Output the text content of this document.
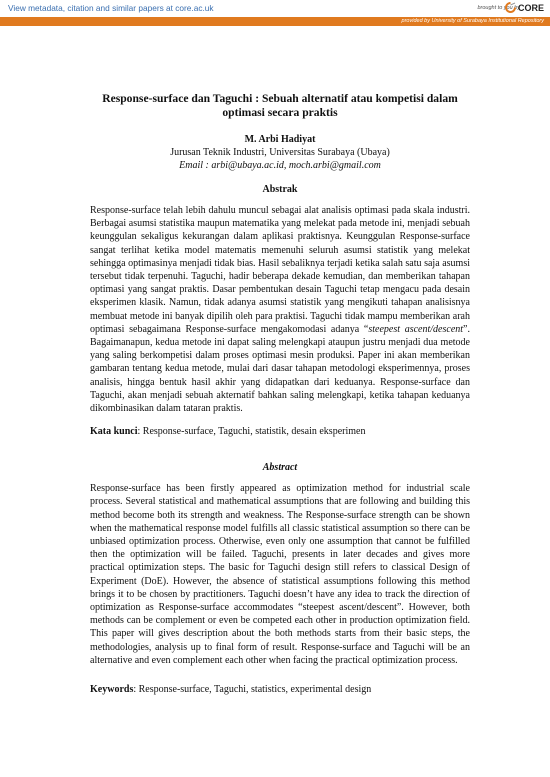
View metadata, citation and similar papers at core.ac.uk	brought to you by
CORE
provided by University of Surabaya Institutional Repository

Response-surface dan Taguchi : Sebuah alternatif atau kompetisi dalam
optimasi secara praktis

M. Arbi Hadiyat
Jurusan Teknik Industri, Universitas Surabaya (Ubaya)
Email : arbi@ubaya.ac.id, moch.arbi@gmail.com
Abstrak
Response-surface telah lebih dahulu muncul sebagai alat analisis optimasi pada skala industri. Berbagai asumsi statistika maupun matematika yang melekat pada metode ini, menjadi sebuah keunggulan sekaligus kekurangan dalam aplikasi praktisnya. Keunggulan Response-surface sangat terlihat ketika model matematis memenuhi seluruh asumsi statistik yang melekat sehingga optimasinya menjadi tidak bias. Hasil sebaliknya terjadi ketika salah satu saja asumsi tersebut tidak terpenuhi. Taguchi, hadir beberapa dekade kemudian, dan memberikan tahapan optimasi yang sangat praktis. Dasar pembentukan desain Taguchi tetap mengacu pada desain eksperimen klasik. Namun, tidak adanya asumsi statistik yang mengikuti tahapan analisisnya membuat metode ini banyak dipilih oleh para praktisi. Taguchi tidak mampu memberikan arah optimasi sebagaimana Response-surface mengakomodasi adanya “steepest ascent/descent”. Bagaimanapun, kedua metode ini dapat saling melengkapi ataupun justru menjadi dua metode yang saling berkompetisi dalam proses optimasi mesin produksi. Paper ini akan memberikan gambaran tentang kedua metode, mulai dari dasar tahapan metodologi eksperimennya, proses analisis, hingga bentuk hasil akhir yang didapatkan dari keduanya. Response-surface dan Taguchi, akan menjadi sebuah akternatif bahkan saling melengkapi, ketika tahapan keduanya dikombinasikan dalam tataran praktis.
Kata kunci: Response-surface, Taguchi, statistik, desain eksperimen
Abstract
Response-surface has been firstly appeared as optimization method for industrial scale process. Several statistical and mathematical assumptions that are following and building this method become both its strength and weakness. The Response-surface strength can be shown when the mathematical response model fulfills all classic statistical assumption so there can be unbiased optimization process. Otherwise, even only one assumption that cannot be fulfilled then the optimization will be failed. Taguchi, presents in later decades and gives more practical optimization steps. The basic for Taguchi design still refers to classical Design of Experiment (DoE). However, the absence of statistical assumptions following this method brings it to be chosen by practitioners. Taguchi doesn’t have any idea to track the direction of optimization as Response-surface accommodates “steepest ascent/descent”. However, both methods can be complement or even be competed each other in production optimization field. This paper will gives description about the both methods starts from their basic steps, the methodologies, analysis up to final form of result. Response-surface and Taguchi will be an alternative and even complement each other when facing the practical optimization process.
Keywords: Response-surface, Taguchi, statistics, experimental design
